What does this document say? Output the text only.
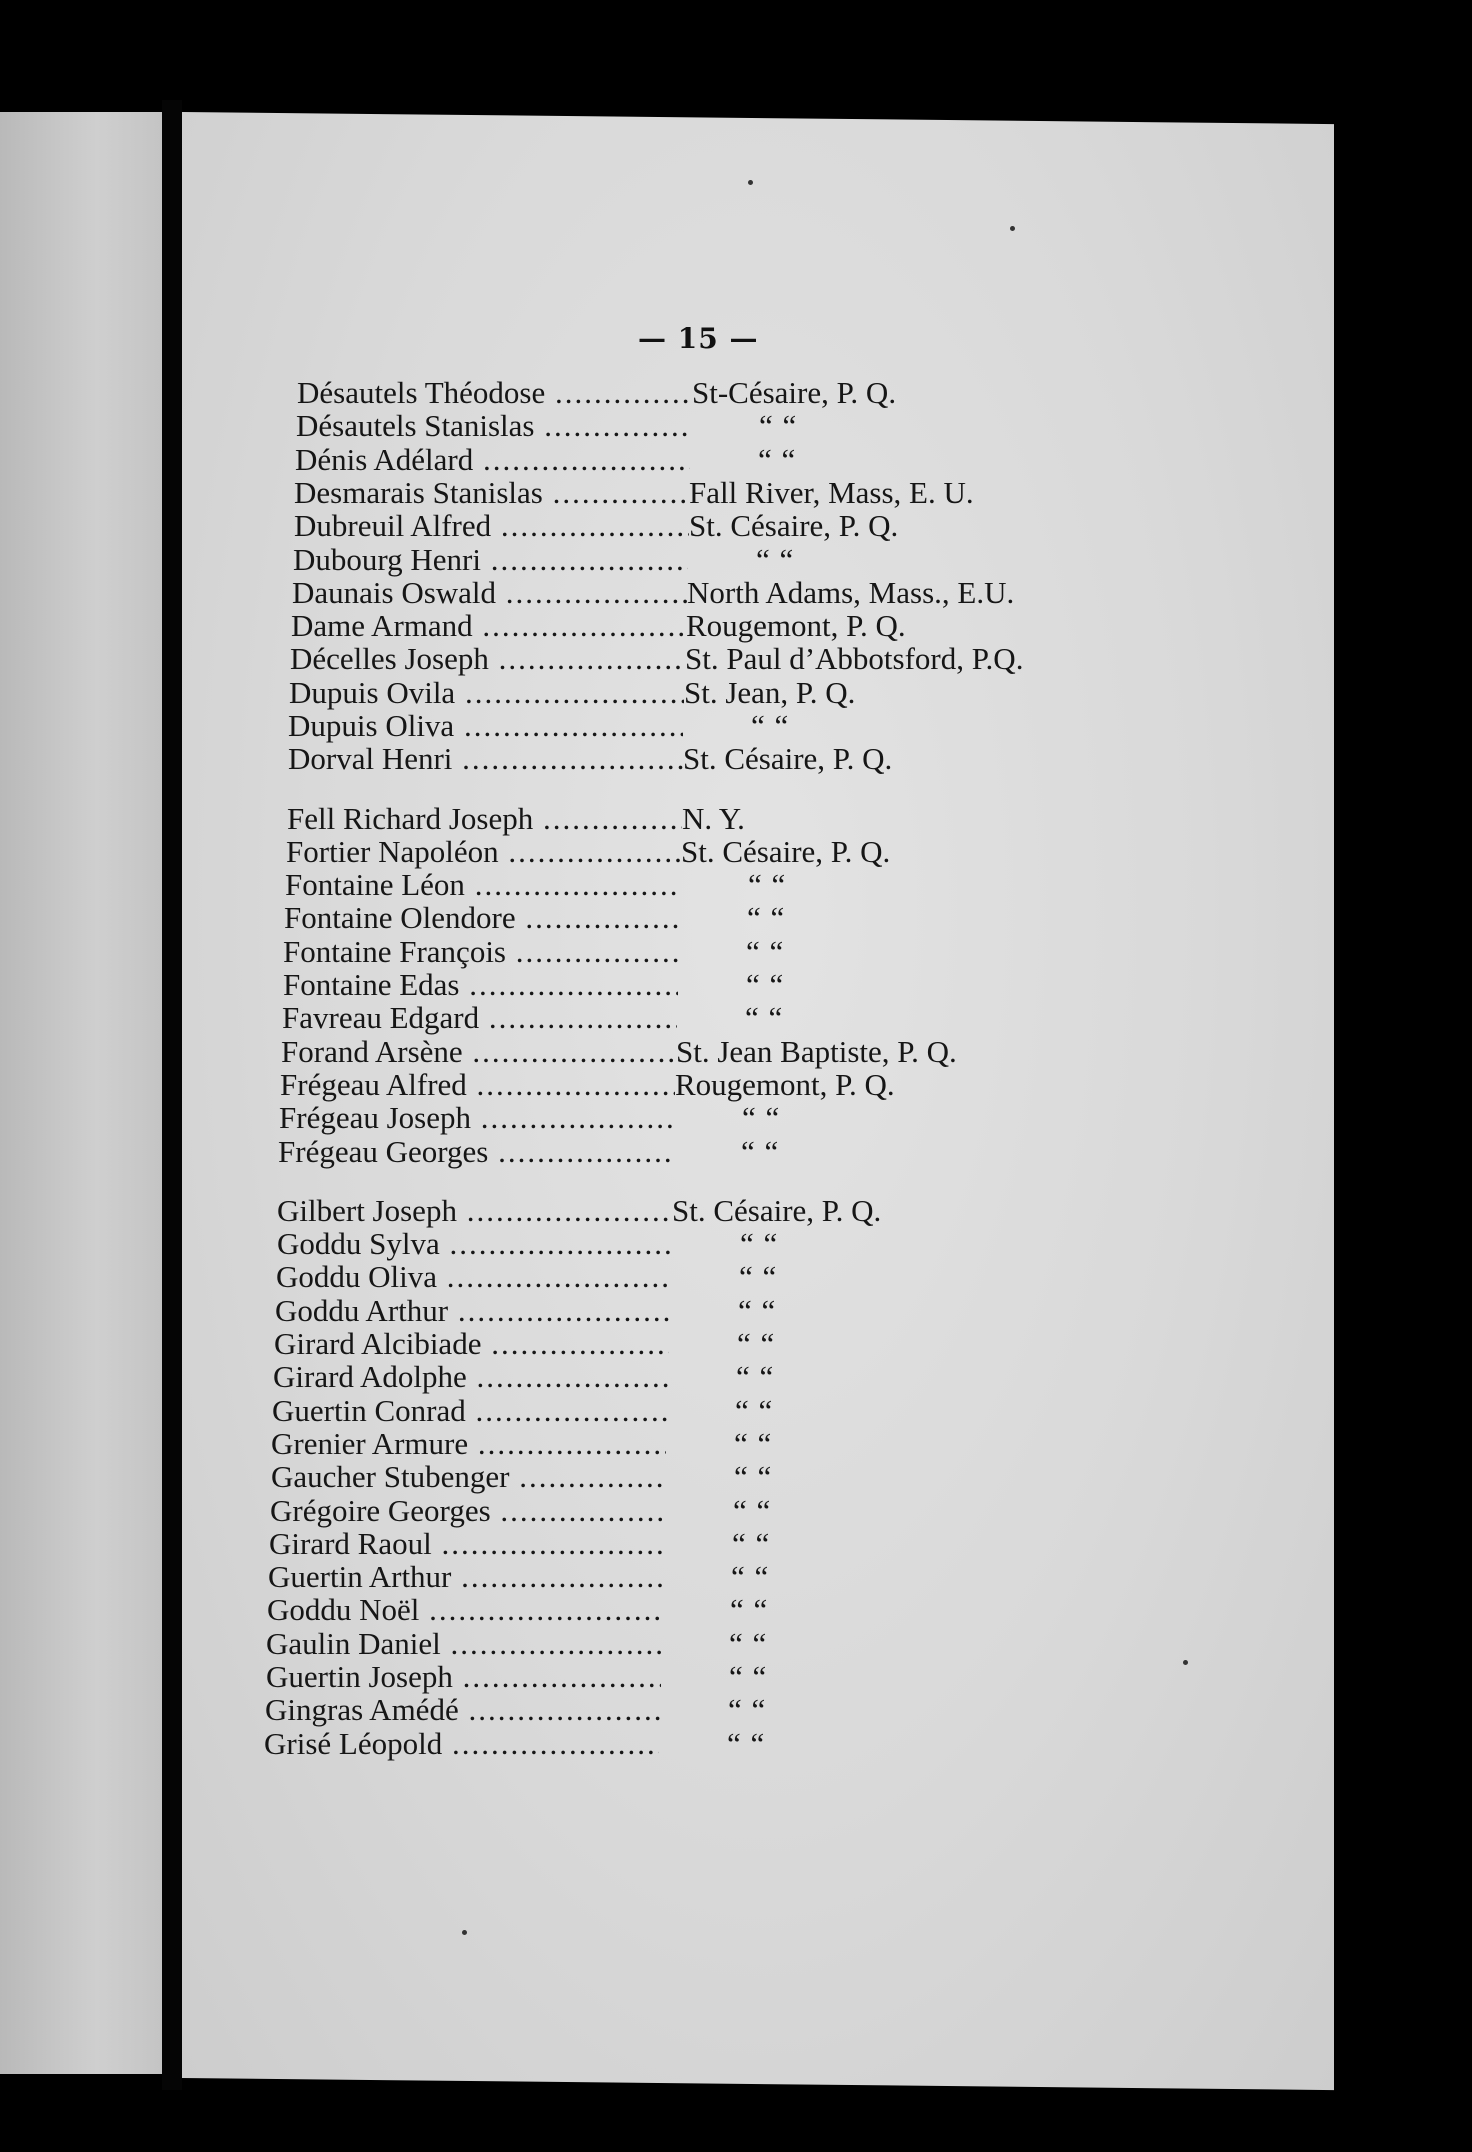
— 15 —
Désautels Théodose .....	St-Césaire, P. Q.
Désautels Stanislas .....	“ “
Dénis Adélard .....	“ “
Desmarais Stanislas .....	Fall River, Mass, E. U.
Dubreuil Alfred .....	St. Césaire, P. Q.
Dubourg Henri .....	“ “
Daunais Oswald .....	North Adams, Mass., E.U.
Dame Armand .....	Rougemont, P. Q.
Décelles Joseph .....	St. Paul d’Abbotsford, P.Q.
Dupuis Ovila .....	St. Jean, P. Q.
Dupuis Oliva .....	“ “
Dorval Henri .....	St. Césaire, P. Q.
Fell Richard Joseph .....	N. Y.
Fortier Napoléon .....	St. Césaire, P. Q.
Fontaine Léon .....	“ “
Fontaine Olendore .....	“ “
Fontaine François .....	“ “
Fontaine Edas .....	“ “
Favreau Edgard .....	“ “
Forand Arsène .....	St. Jean Baptiste, P. Q.
Frégeau Alfred .....	Rougemont, P. Q.
Frégeau Joseph .....	“ “
Frégeau Georges .....	“ “
Gilbert Joseph .....	St. Césaire, P. Q.
Goddu Sylva .....	“ “
Goddu Oliva .....	“ “
Goddu Arthur .....	“ “
Girard Alcibiade .....	“ “
Girard Adolphe .....	“ “
Guertin Conrad .....	“ “
Grenier Armure .....	“ “
Gaucher Stubenger .....	“ “
Grégoire Georges .....	“ “
Girard Raoul .....	“ “
Guertin Arthur .....	“ “
Goddu Noël .....	“ “
Gaulin Daniel .....	“ “
Guertin Joseph .....	“ “
Gingras Amédé .....	“ “
Grisé Léopold .....	“ “
